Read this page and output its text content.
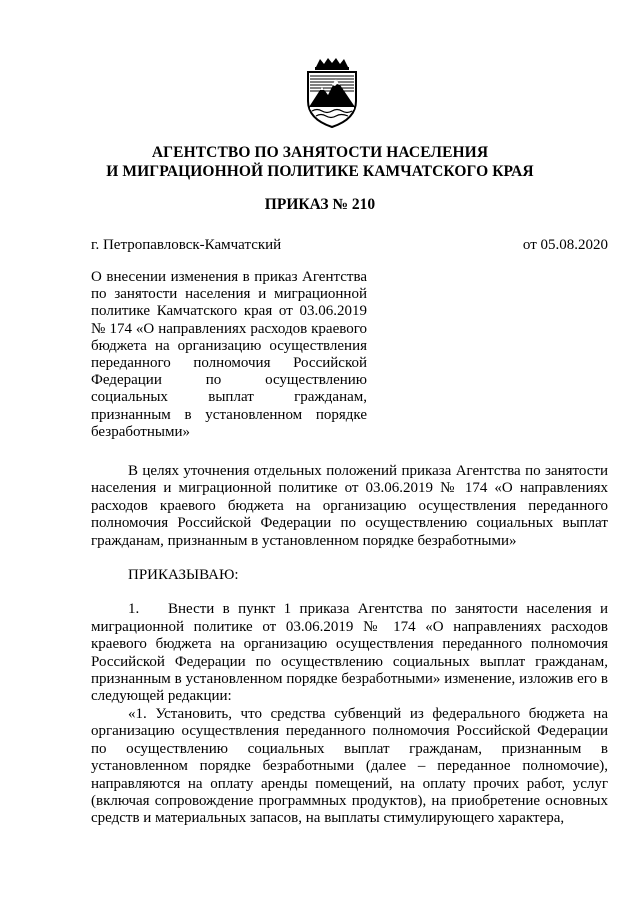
АГЕНТСТВО ПО ЗАНЯТОСТИ НАСЕЛЕНИЯ
И МИГРАЦИОННОЙ ПОЛИТИКЕ КАМЧАТСКОГО КРАЯ
ПРИКАЗ № 210
г. Петропавловск-Камчатский	от 05.08.2020
О внесении изменения в приказ Агентства по занятости населения и миграционной политике Камчатского края от 03.06.2019 № 174 «О направлениях расходов краевого бюджета на организацию осуществления переданного полномочия Российской Федерации по осуществлению социальных выплат гражданам, признанным в установленном порядке безработными»

В целях уточнения отдельных положений приказа Агентства по занятости населения и миграционной политике от 03.06.2019 № 174 «О направлениях расходов краевого бюджета на организацию осуществления переданного полномочия Российской Федерации по осуществлению социальных выплат гражданам, признанным в установленном порядке безработными»

ПРИКАЗЫВАЮ:

1. Внести в пункт 1 приказа Агентства по занятости населения и миграционной политике от 03.06.2019 № 174 «О направлениях расходов краевого бюджета на организацию осуществления переданного полномочия Российской Федерации по осуществлению социальных выплат гражданам, признанным в установленном порядке безработными» изменение, изложив его в следующей редакции:

«1. Установить, что средства субвенций из федерального бюджета на организацию осуществления переданного полномочия Российской Федерации по осуществлению социальных выплат гражданам, признанным в установленном порядке безработными (далее – переданное полномочие), направляются на оплату аренды помещений, на оплату прочих работ, услуг (включая сопровождение программных продуктов), на приобретение основных средств и материальных запасов, на выплаты стимулирующего характера,
